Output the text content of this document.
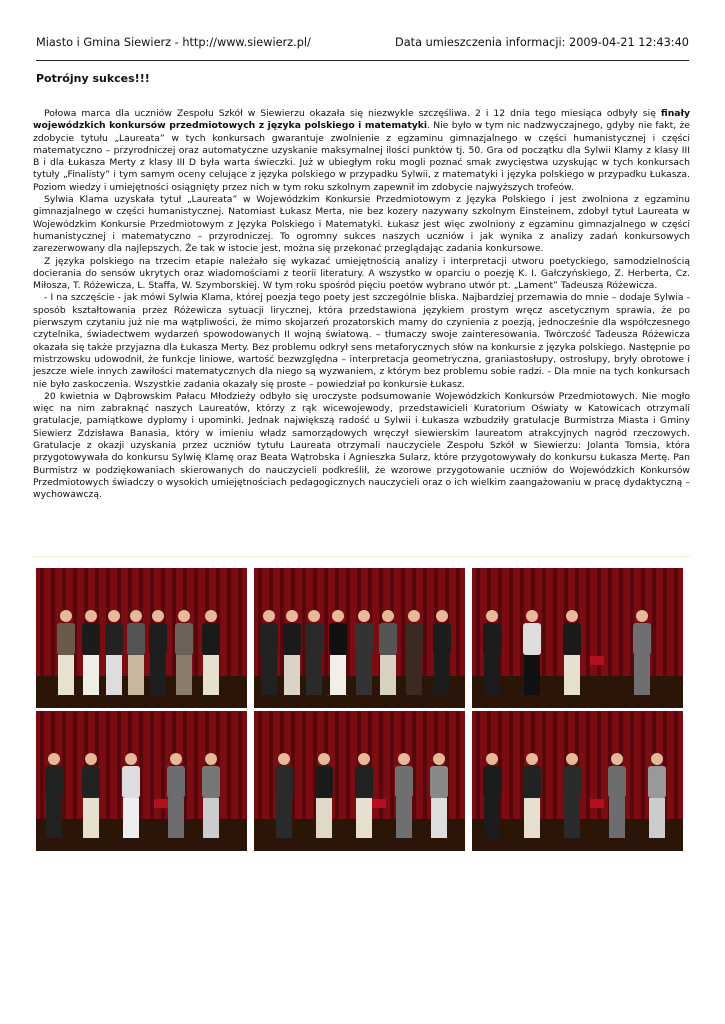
Miasto i Gmina Siewierz - http://www.siewierz.pl/	Data umieszczenia informacji: 2009-04-21 12:43:40
Potrójny sukces!!!

Połowa marca dla uczniów Zespołu Szkół w Siewierzu okazała się niezwykle szczęśliwa. 2 i 12 dnia tego miesiąca odbyły się finały wojewódzkich konkursów przedmiotowych z języka polskiego i matematyki. Nie było w tym nic nadzwyczajnego, gdyby nie fakt, że zdobycie tytułu „Laureata” w tych konkursach gwarantuje zwolnienie z egzaminu gimnazjalnego w części humanistycznej i części matematyczno – przyrodniczej oraz automatyczne uzyskanie maksymalnej ilości punktów tj. 50. Gra od początku dla Sylwii Klamy z klasy III B i dla Łukasza Merty z klasy III D była warta świeczki. Już w ubiegłym roku mogli poznać smak zwycięstwa uzyskując w tych konkursach tytuły „Finalisty” i tym samym oceny celujące z języka polskiego w przypadku Sylwii, z matematyki i języka polskiego w przypadku Łukasza. Poziom wiedzy i umiejętności osiągnięty przez nich w tym roku szkolnym zapewnił im zdobycie najwyższych trofeów.

Sylwia Klama uzyskała tytuł „Laureata” w Wojewódzkim Konkursie Przedmiotowym z Języka Polskiego i jest zwolniona z egzaminu gimnazjalnego w części humanistycznej. Natomiast Łukasz Merta, nie bez kozery nazywany szkolnym Einsteinem, zdobył tytuł Laureata w Wojewódzkim Konkursie Przedmiotowym z Języka Polskiego i Matematyki. Łukasz jest więc zwolniony z egzaminu gimnazjalnego w części humanistycznej i matematyczno – przyrodniczej. To ogromny sukces naszych uczniów i jak wynika z analizy zadań konkursowych zarezerwowany dla najlepszych. Że tak w istocie jest, można się przekonać przeglądając zadania konkursowe.

Z języka polskiego na trzecim etapie należało się wykazać umiejętnością analizy i interpretacji utworu poetyckiego, samodzielnością docierania do sensów ukrytych oraz wiadomościami z teorii literatury. A wszystko w oparciu o poezję K. I. Gałczyńskiego, Z. Herberta, Cz. Miłosza, T. Różewicza, L. Staffa, W. Szymborskiej. W tym roku spośród pięciu poetów wybrano utwór pt. „Lament” Tadeusza Różewicza.

- I na szczęście - jak mówi Sylwia Klama, której poezja tego poety jest szczególnie bliska. Najbardziej przemawia do mnie – dodaje Sylwia - sposób kształtowania przez Różewicza sytuacji lirycznej, która przedstawiona językiem prostym wręcz ascetycznym sprawia, że po pierwszym czytaniu już nie ma wątpliwości, że mimo skojarzeń prozatorskich mamy do czynienia z poezją, jednocześnie dla współczesnego czytelnika, świadectwem wydarzeń spowodowanych II wojną światową. – tłumaczy swoje zainteresowania. Twórczość Tadeusza Różewicza okazała się także przyjazna dla Łukasza Merty. Bez problemu odkrył sens metaforycznych słów na konkursie z języka polskiego. Następnie po mistrzowsku udowodnił, że funkcje liniowe, wartość bezwzględna – interpretacja geometryczna, graniastosłupy, ostrosłupy, bryły obrotowe i jeszcze wiele innych zawiłości matematycznych dla niego są wyzwaniem, z którym bez problemu sobie radzi. - Dla mnie na tych konkursach nie było zaskoczenia. Wszystkie zadania okazały się proste – powiedział po konkursie Łukasz.

20 kwietnia w Dąbrowskim Pałacu Młodzieży odbyło się uroczyste podsumowanie Wojewódzkich Konkursów Przedmiotowych. Nie mogło więc na nim zabraknąć naszych Laureatów, którzy z rąk wicewojewody, przedstawicieli Kuratorium Oświaty w Katowicach otrzymali gratulacje, pamiątkowe dyplomy i upominki. Jednak największą radość u Sylwii i Łukasza wzbudziły gratulacje Burmistrza Miasta i Gminy Siewierz Zdzisława Banasia, który w imieniu władz samorządowych wręczył siewierskim laureatom atrakcyjnych nagród rzeczowych. Gratulacje z okazji uzyskania przez uczniów tytułu Laureata otrzymali nauczyciele Zespołu Szkół w Siewierzu: Jolanta Tomsia, która przygotowywała do konkursu Sylwię Klamę oraz Beata Wątrobska i Agnieszka Sularz, które przygotowywały do konkursu Łukasza Mertę. Pan Burmistrz w podziękowaniach skierowanych do nauczycieli podkreślił, że wzorowe przygotowanie uczniów do Wojewódzkich Konkursów Przedmiotowych świadczy o wysokich umiejętnościach pedagogicznych nauczycieli oraz o ich wielkim zaangażowaniu w pracę dydaktyczną – wychowawczą.
